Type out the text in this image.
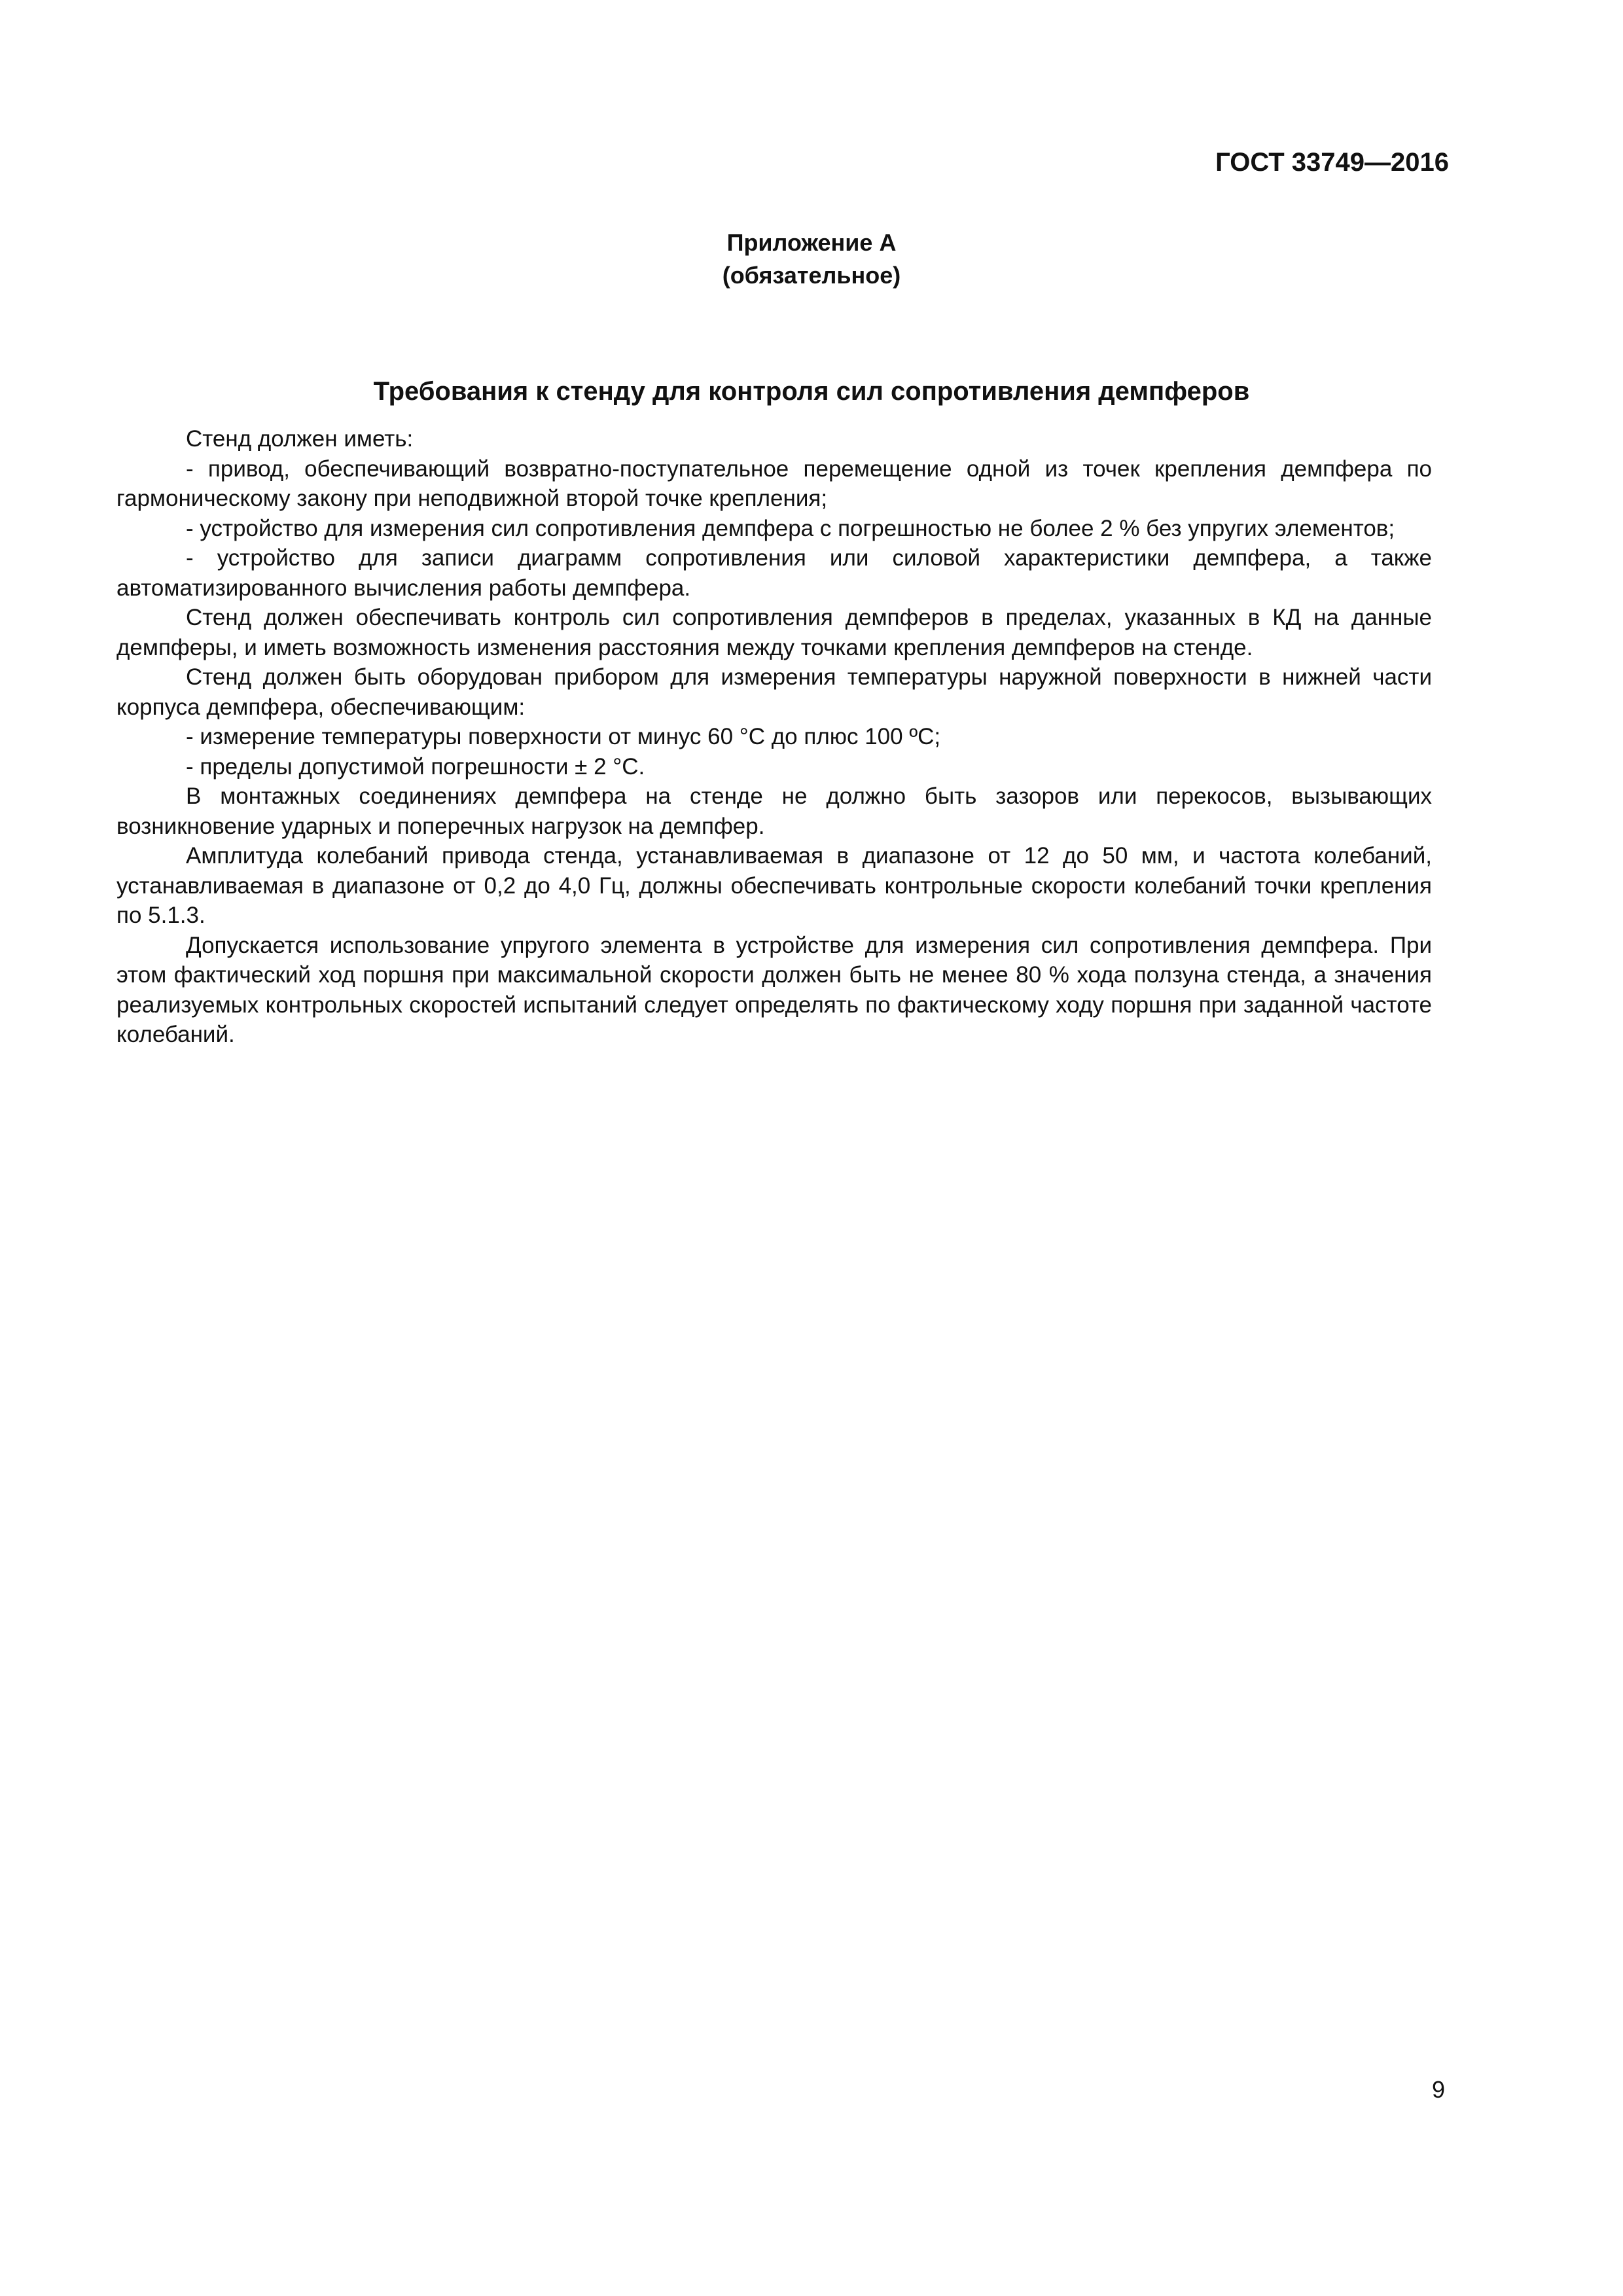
ГОСТ 33749—2016
Приложение А
(обязательное)
Требования к стенду для контроля сил сопротивления демпферов

Стенд должен иметь:

- привод, обеспечивающий возвратно-поступательное перемещение одной из точек крепления демпфера по гармоническому закону при неподвижной второй точке крепления;

- устройство для измерения сил сопротивления демпфера с погрешностью не более 2 % без упругих элементов;

- устройство для записи диаграмм сопротивления или силовой характеристики демпфера, а также автоматизированного вычисления работы демпфера.

Стенд должен обеспечивать контроль сил сопротивления демпферов в пределах, указанных в КД на данные демпферы, и иметь возможность изменения расстояния между точками крепления демпферов на стенде.

Стенд должен быть оборудован прибором для измерения температуры наружной поверхности в нижней части корпуса демпфера, обеспечивающим:

- измерение температуры поверхности от минус 60 °С до плюс 100 ºС;

- пределы допустимой погрешности ± 2 °С.

В монтажных соединениях демпфера на стенде не должно быть зазоров или перекосов, вызывающих возникновение ударных и поперечных нагрузок на демпфер.

Амплитуда колебаний привода стенда, устанавливаемая в диапазоне от 12 до 50 мм, и частота колебаний, устанавливаемая в диапазоне от 0,2 до 4,0 Гц, должны обеспечивать контрольные скорости колебаний точки крепления по 5.1.3.

Допускается использование упругого элемента в устройстве для измерения сил сопротивления демпфера. При этом фактический ход поршня при максимальной скорости должен быть не менее 80 % хода ползуна стенда, а значения реализуемых контрольных скоростей испытаний следует определять по фактическому ходу поршня при заданной частоте колебаний.

9
